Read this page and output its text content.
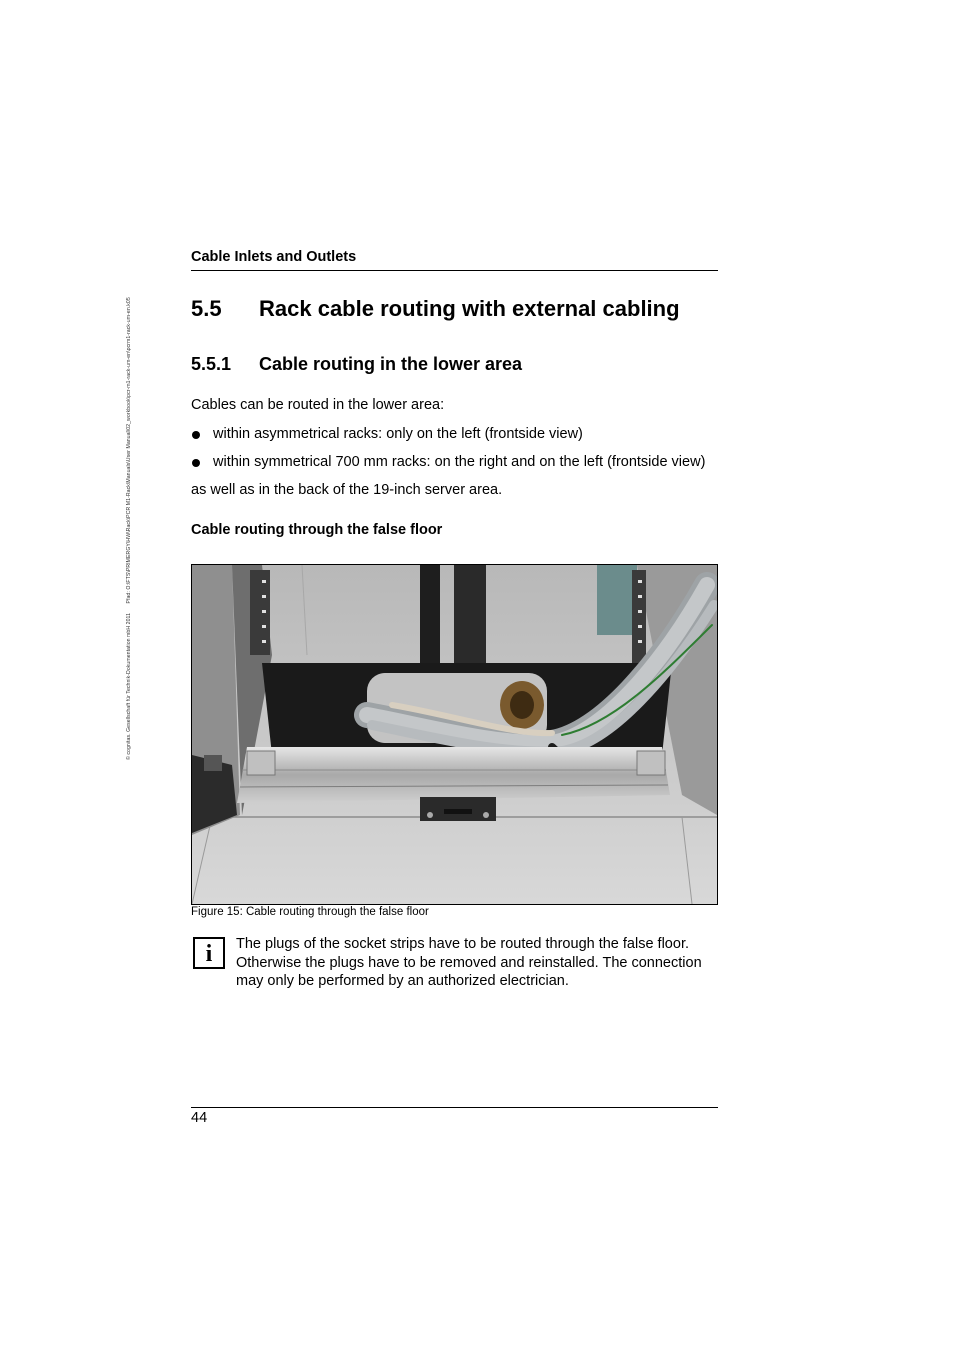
© cognitas. Gesellschaft für Technik-Dokumentation mbH 2011 Pfad: O:\FTS\PRIMERGY\HW\Rack\PCR M1-Rack\Manuals\User Manual\02_workbook\pcr-m1-rack-um-en\pcrm1-rack-um-en.k05
Cable Inlets and Outlets
5.5 Rack cable routing with external cabling
5.5.1 Cable routing in the lower area
Cables can be routed in the lower area:
within asymmetrical racks: only on the left (frontside view)
within symmetrical 700 mm racks: on the right and on the left (frontside view)
as well as in the back of the 19-inch server area.
Cable routing through the false floor
Figure 15: Cable routing through the false floor
i	The plugs of the socket strips have to be routed through the false floor.

Otherwise the plugs have to be removed and reinstalled. The connection

may only be performed by an authorized electrician.

44
